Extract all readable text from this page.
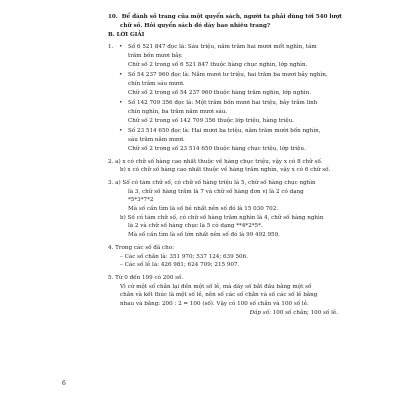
10. Để đánh số trang của một quyển sách, người ta phải dùng tới 540 lượt
chữ số. Hỏi quyển sách đó dày bao nhiêu trang?
B. LỜI GIẢI
1.	• Số 6 521 847 đọc là: Sáu triệu, năm trăm hai mươi mốt nghìn, tám
trăm bốn mươi bảy.
Chữ số 2 trong số 6 521 847 thuộc hàng chục nghìn, lớp nghìn.
• Số 54 237 960 đọc là: Năm mươi tư triệu, hai trăm ba mươi bảy nghìn,
chín trăm sáu mươi.
Chữ số 2 trong số 54 237 960 thuộc hàng trăm nghìn, lớp nghìn.
• Số 142 709 356 đọc là: Một trăm bốn mươi hai triệu, bảy trăm linh
chín nghìn, ba trăm năm mươi sáu.
Chữ số 2 trong số 142 709 356 thuộc lớp triệu, hàng triệu.
• Số 23 514 650 đọc là: Hai mươi ba triệu, năm trăm mười bốn nghìn,
sáu trăm năm mươi.
Chữ số 2 trong số 23 514 650 thuộc hàng chục triệu, lớp triệu.
2. a) x có chữ số hàng cao nhất thuộc về hàng chục triệu, vậy x có 8 chữ số.
b) x có chữ số hàng cao nhất thuộc về hàng trăm nghìn, vậy x có 6 chữ số.
3. a) Số có tám chữ số, có chữ số hàng triệu là 5, chữ số hàng chục nghìn
là 3, chữ số hàng trăm là 7 và chữ số hàng đơn vị là 2 có dạng
*5*3*7*2
Mà số cần tìm là số bé nhất nên số đó là 15 030 702.
b) Số có tám chữ số, có chữ số hàng trăm nghìn là 4, chữ số hàng nghìn
là 2 và chữ số hàng chục là 5 có dạng **4*2*5*.
Mà số cần tìm là số lớn nhất nên số đó là 99 492 959.
4. Trong các số đã cho:
– Các số chẵn là: 351 970; 537 124; 639 506.
– Các số lẻ là: 426 981; 624 709; 215 907.
5. Từ 0 đến 199 có 200 số.
Vì cứ một số chẵn lại đến một số lẻ, mà dãy số bắt đầu bằng một số
chẵn và kết thúc là một số lẻ, nên số các số chẵn và số các số lẻ bằng
nhau và bằng: 200 : 2 = 100 (số). Vậy có 100 số chẵn và 100 số lẻ.
Đáp số: 100 số chẵn; 100 số lẻ.
6
